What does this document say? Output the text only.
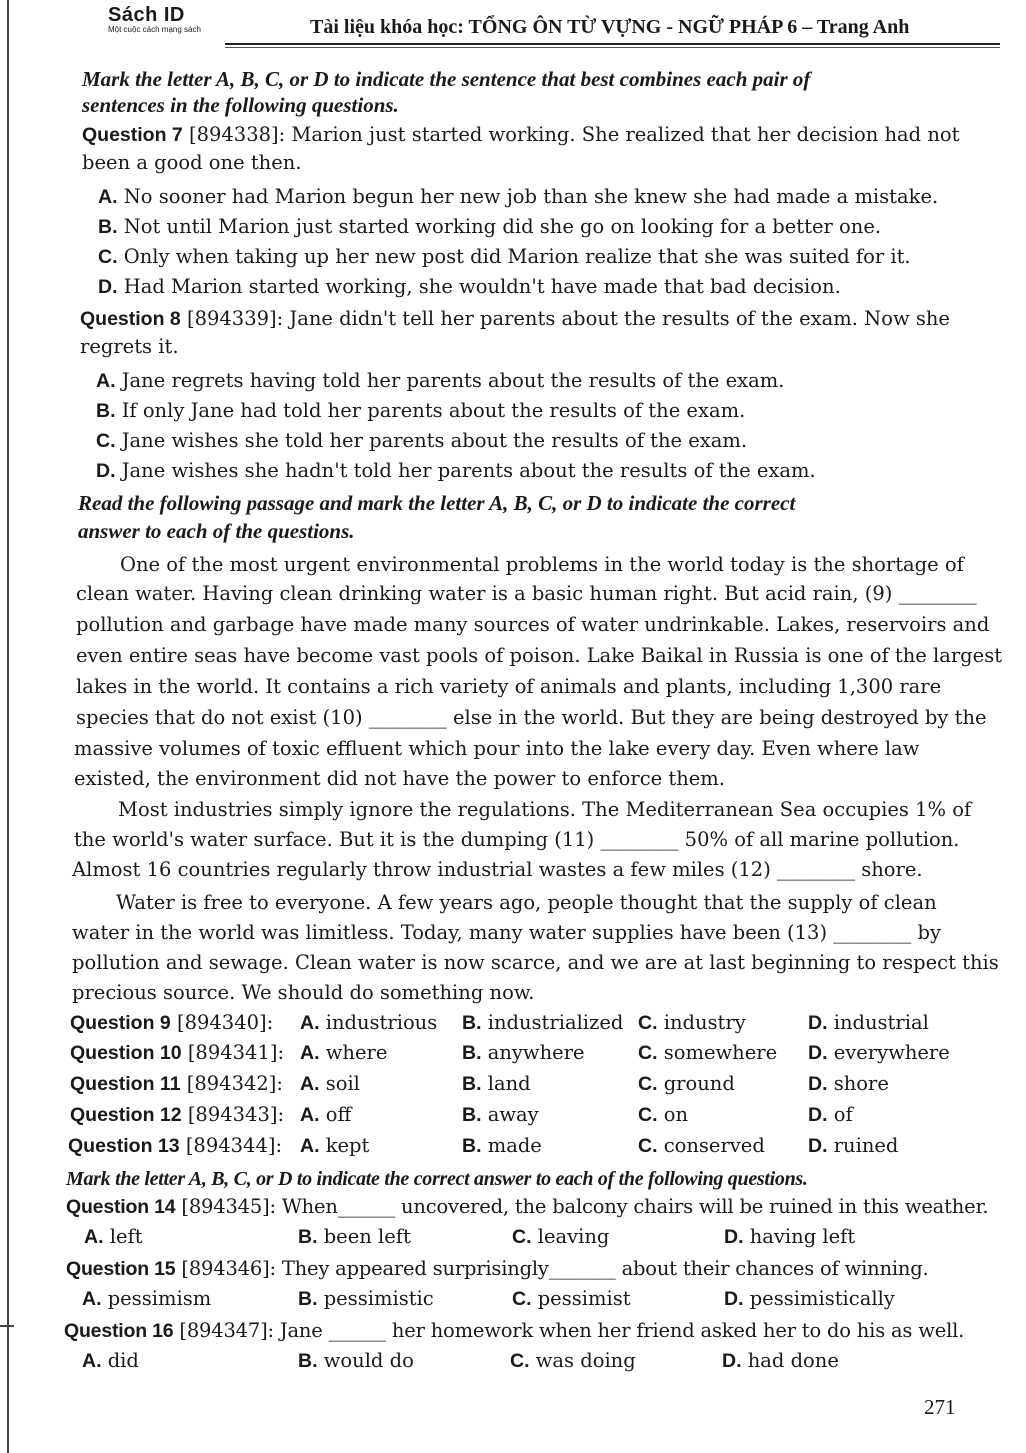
Sách ID
Một cuộc cách mạng sách	Tài liệu khóa học: TỔNG ÔN TỪ VỰNG - NGỮ PHÁP 6 – Trang Anh
Mark the letter A, B, C, or D to indicate the sentence that best combines each pair of
sentences in the following questions.
Question 7 [894338]: Marion just started working. She realized that her decision had not
been a good one then.
A. No sooner had Marion begun her new job than she knew she had made a mistake.
B. Not until Marion just started working did she go on looking for a better one.
C. Only when taking up her new post did Marion realize that she was suited for it.
D. Had Marion started working, she wouldn't have made that bad decision.
Question 8 [894339]: Jane didn't tell her parents about the results of the exam. Now she
regrets it.
A. Jane regrets having told her parents about the results of the exam.
B. If only Jane had told her parents about the results of the exam.
C. Jane wishes she told her parents about the results of the exam.
D. Jane wishes she hadn't told her parents about the results of the exam.
Read the following passage and mark the letter A, B, C, or D to indicate the correct
answer to each of the questions.
One of the most urgent environmental problems in the world today is the shortage of
clean water. Having clean drinking water is a basic human right. But acid rain, (9) ________
pollution and garbage have made many sources of water undrinkable. Lakes, reservoirs and
even entire seas have become vast pools of poison. Lake Baikal in Russia is one of the largest
lakes in the world. It contains a rich variety of animals and plants, including 1,300 rare
species that do not exist (10) ________ else in the world. But they are being destroyed by the
massive volumes of toxic effluent which pour into the lake every day. Even where law
existed, the environment did not have the power to enforce them.
Most industries simply ignore the regulations. The Mediterranean Sea occupies 1% of
the world's water surface. But it is the dumping (11) ________ 50% of all marine pollution.
Almost 16 countries regularly throw industrial wastes a few miles (12) ________ shore.
Water is free to everyone. A few years ago, people thought that the supply of clean
water in the world was limitless. Today, many water supplies have been (13) ________ by
pollution and sewage. Clean water is now scarce, and we are at last beginning to respect this
precious source. We should do something now.
Question 9 [894340]: A. industrious B. industrialized C. industry	D. industrial
Question 10 [894341]: A. where	B. anywhere	C. somewhere D. everywhere
Question 11 [894342]: A. soil	B. land	C. ground	D. shore
Question 12 [894343]: A. off	B. away	C. on	D. of
Question 13 [894344]: A. kept	B. made	C. conserved D. ruined
Mark the letter A, B, C, or D to indicate the correct answer to each of the following questions.
Question 14 [894345]: When______ uncovered, the balcony chairs will be ruined in this weather.
A. left	B. been left	C. leaving	D. having left
Question 15 [894346]: They appeared surprisingly_______ about their chances of winning.
A. pessimism	B. pessimistic	C. pessimist	D. pessimistically
Question 16 [894347]: Jane ______ her homework when her friend asked her to do his as well.
A. did	B. would do	C. was doing	D. had done
271
